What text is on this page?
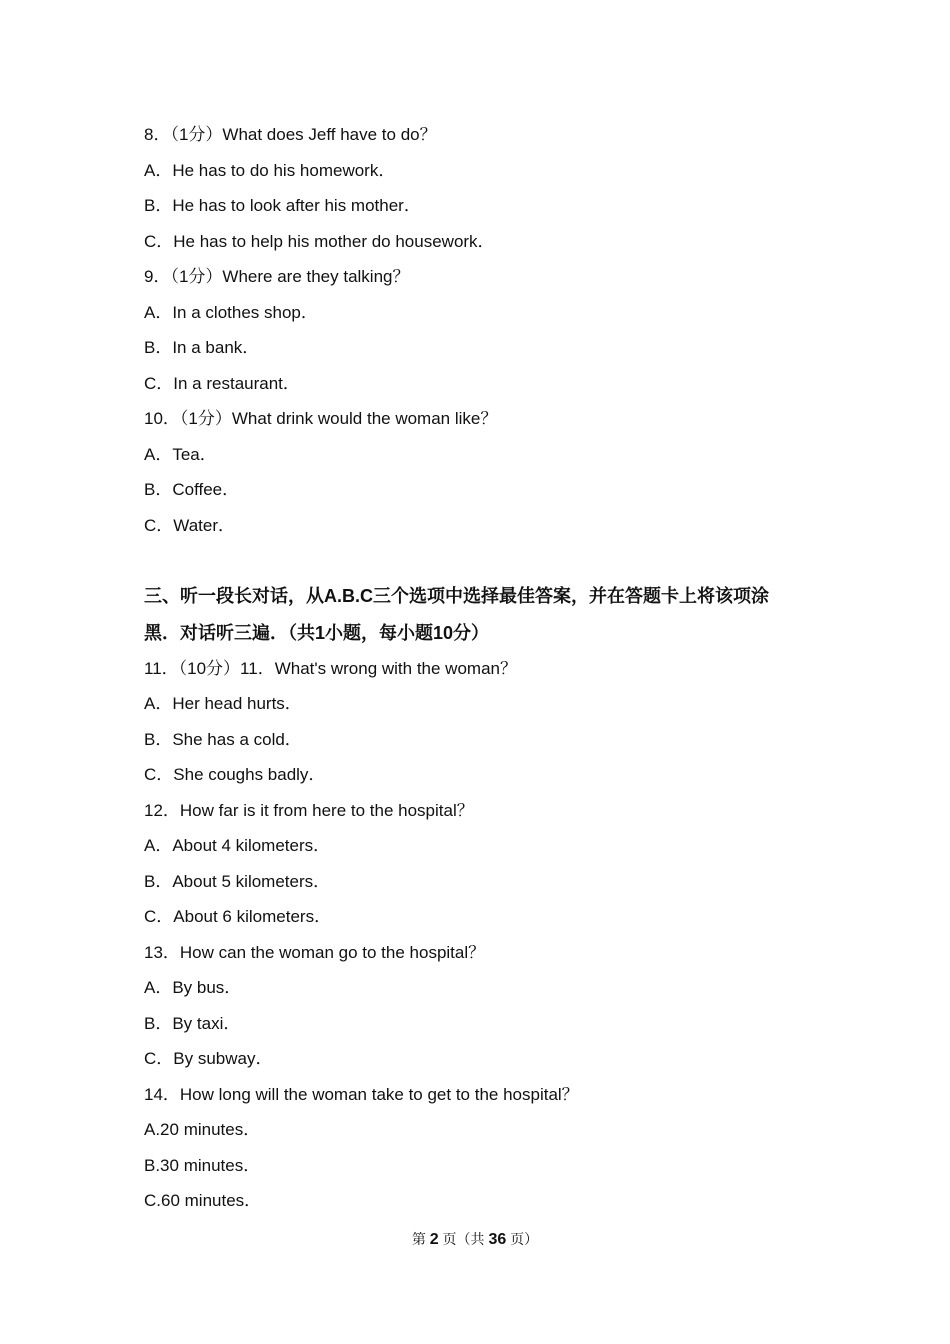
8．（1分）What does Jeff have to do？
A．He has to do his homework．
B．He has to look after his mother．
C．He has to help his mother do housework．
9．（1分）Where are they talking？
A．In a clothes shop．
B．In a bank．
C．In a restaurant．
10．（1分）What drink would the woman like？
A．Tea．
B．Coffee．
C．Water．
三、听一段长对话，从A.B.C三个选项中选择最佳答案，并在答题卡上将该项涂
黑．对话听三遍．（共1小题，每小题10分）
11．（10分）11．What's wrong with the woman？
A．Her head hurts．
B．She has a cold．
C．She coughs badly．
12．How far is it from here to the hospital？
A．About 4 kilometers．
B．About 5 kilometers．
C．About 6 kilometers．
13．How can the woman go to the hospital？
A．By bus．
B．By taxi．
C．By subway．
14．How long will the woman take to get to the hospital？
A.20 minutes．
B.30 minutes．
C.60 minutes．
第 2 页（共 36 页）
